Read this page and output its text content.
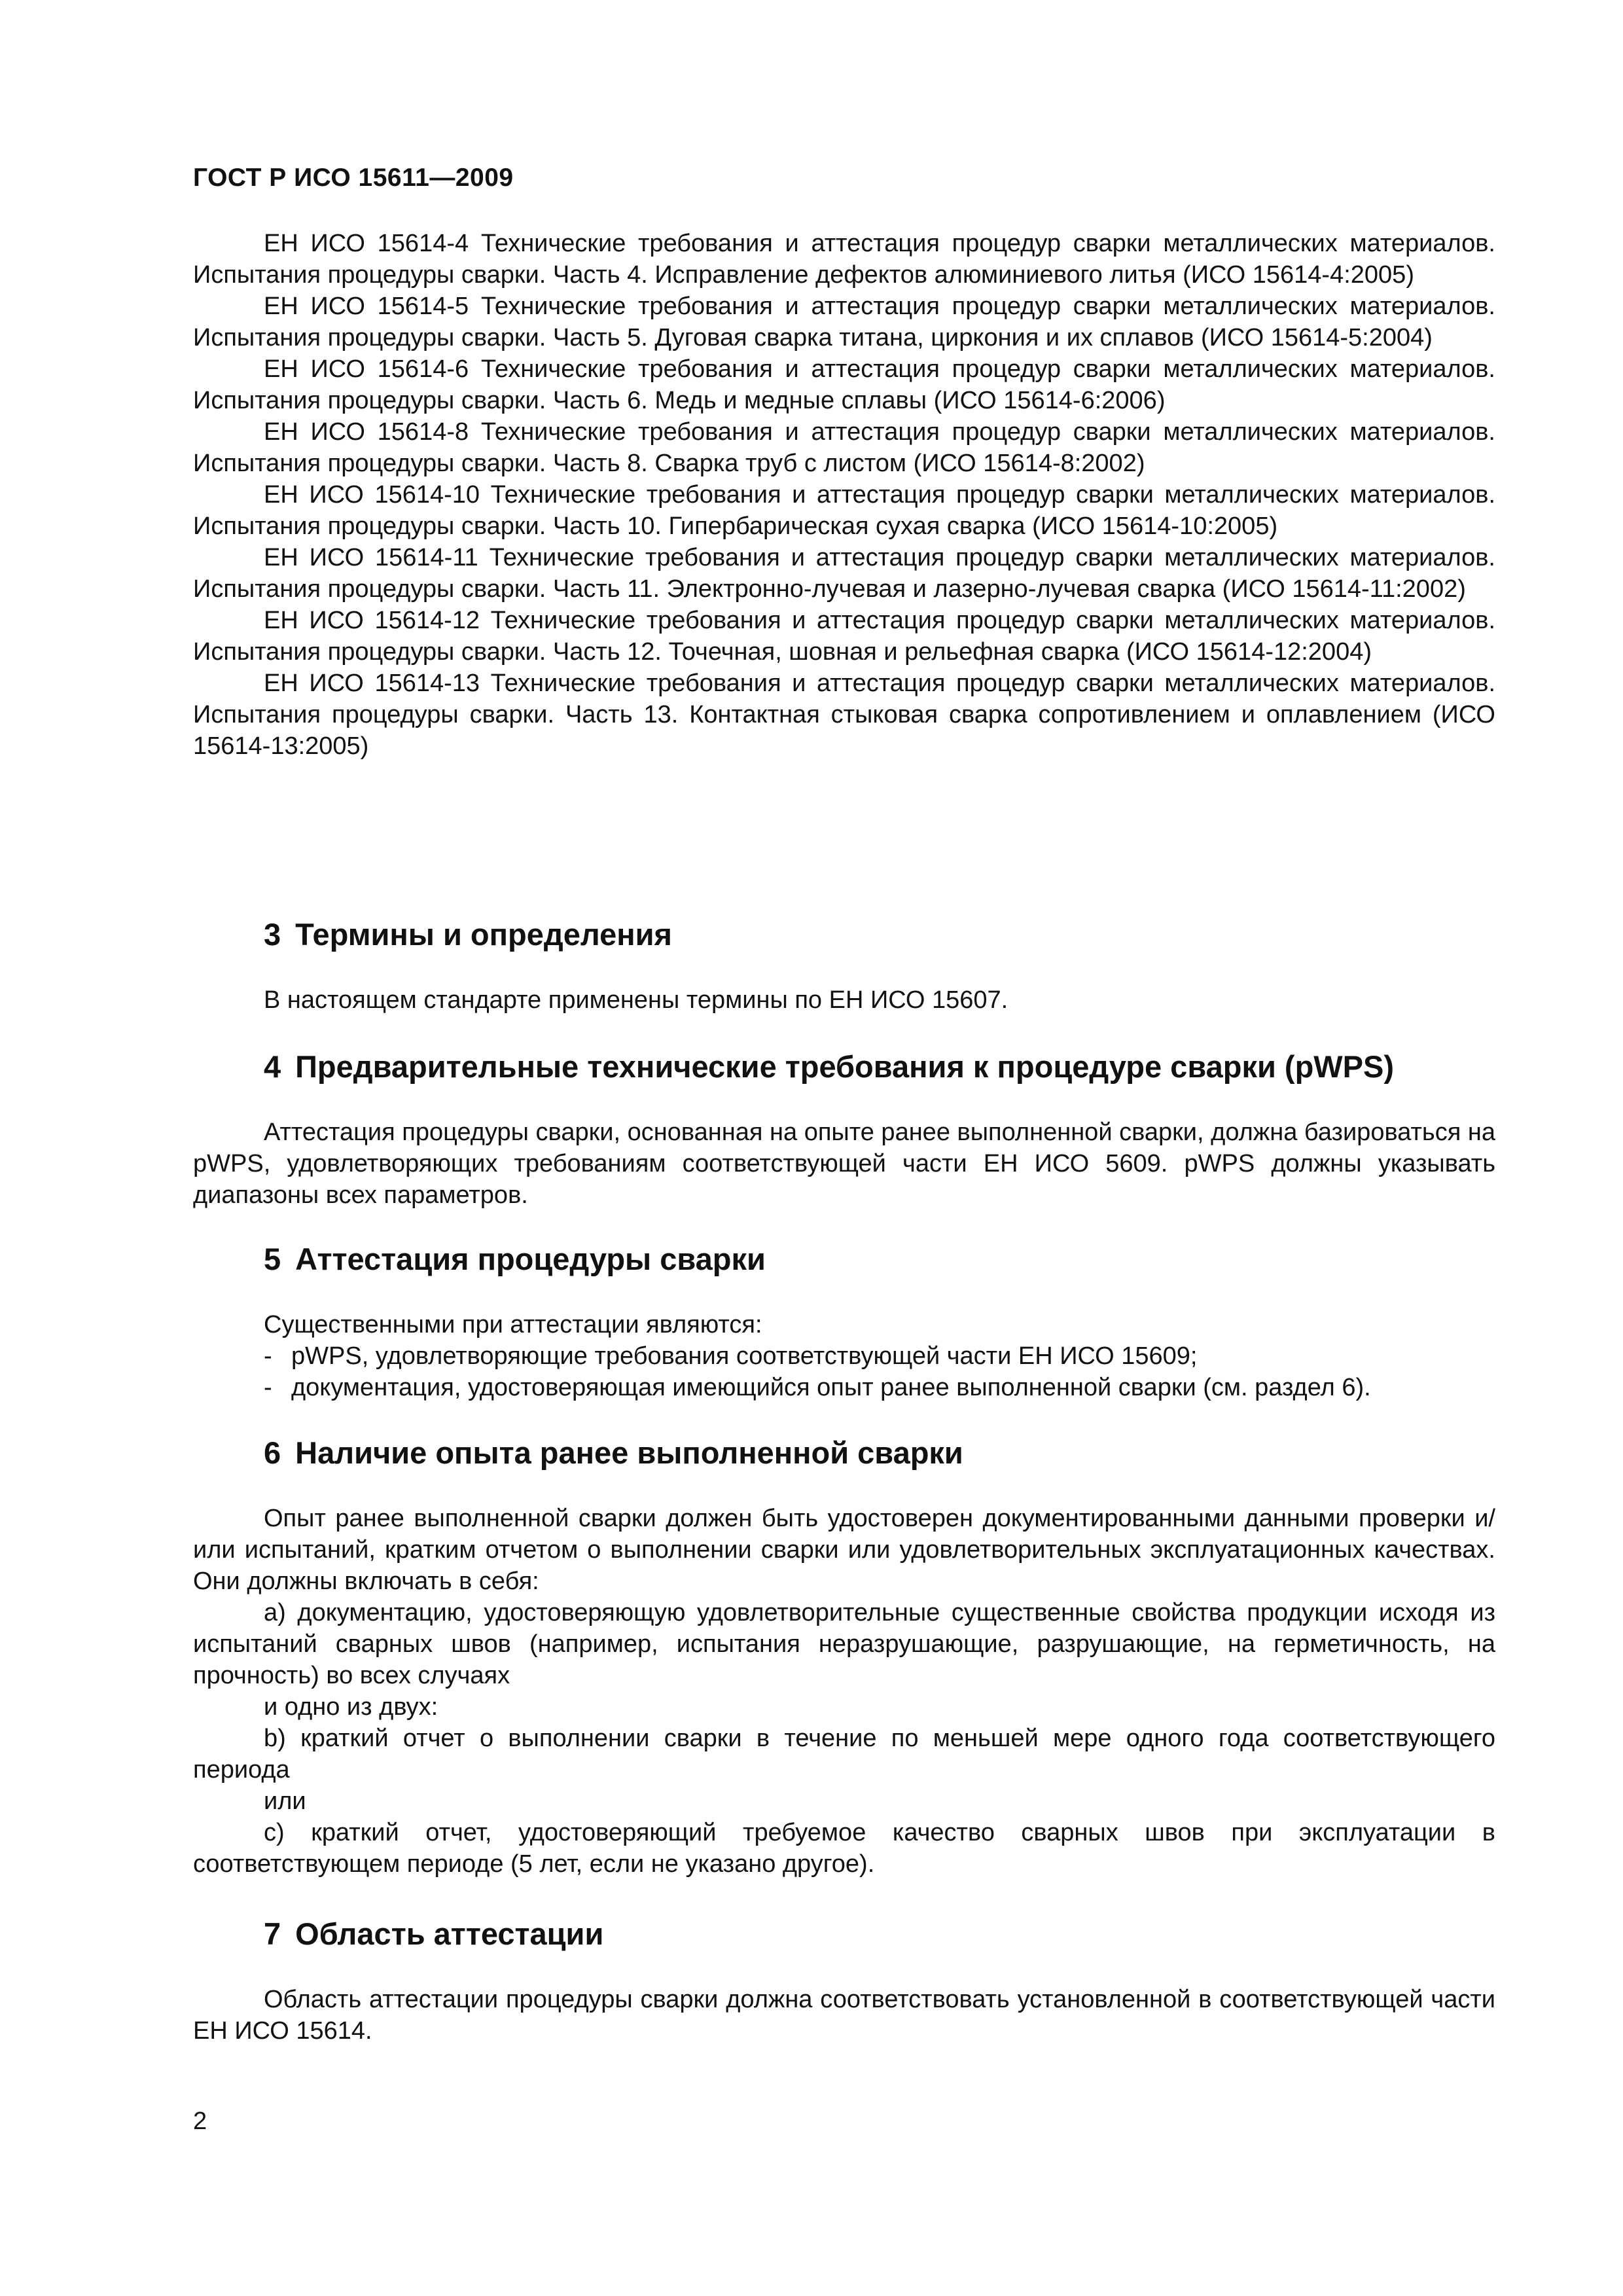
ГОСТ Р ИСО 15611—2009

ЕН ИСО 15614-4 Технические требования и аттестация процедур сварки металлических материалов. Испытания процедуры сварки. Часть 4. Исправление дефектов алюминиевого литья (ИСО 15614-4:2005)

ЕН ИСО 15614-5 Технические требования и аттестация процедур сварки металлических материалов. Испытания процедуры сварки. Часть 5. Дуговая сварка титана, циркония и их сплавов (ИСО 15614-5:2004)

ЕН ИСО 15614-6 Технические требования и аттестация процедур сварки металлических материалов. Испытания процедуры сварки. Часть 6. Медь и медные сплавы (ИСО 15614-6:2006)

ЕН ИСО 15614-8 Технические требования и аттестация процедур сварки металлических материалов. Испытания процедуры сварки. Часть 8. Сварка труб с листом (ИСО 15614-8:2002)

ЕН ИСО 15614-10 Технические требования и аттестация процедур сварки металлических материалов. Испытания процедуры сварки. Часть 10. Гипербарическая сухая сварка (ИСО 15614-10:2005)

ЕН ИСО 15614-11 Технические требования и аттестация процедур сварки металлических материалов. Испытания процедуры сварки. Часть 11. Электронно-лучевая и лазерно-лучевая сварка (ИСО 15614-11:2002)

ЕН ИСО 15614-12 Технические требования и аттестация процедур сварки металлических материалов. Испытания процедуры сварки. Часть 12. Точечная, шовная и рельефная сварка (ИСО 15614-12:2004)

ЕН ИСО 15614-13 Технические требования и аттестация процедур сварки металлических материалов. Испытания процедуры сварки. Часть 13. Контактная стыковая сварка сопротивлением и оплавлением (ИСО 15614-13:2005)

3 Термины и определения

В настоящем стандарте применены термины по ЕН ИСО 15607.

4 Предварительные технические требования к процедуре сварки (pWPS)

Аттестация процедуры сварки, основанная на опыте ранее выполненной сварки, должна базироваться на pWPS, удовлетворяющих требованиям соответствующей части ЕН ИСО 5609. pWPS должны указывать диапазоны всех параметров.

5 Аттестация процедуры сварки

Существенными при аттестации являются:

- pWPS, удовлетворяющие требования соответствующей части ЕН ИСО 15609;

- документация, удостоверяющая имеющийся опыт ранее выполненной сварки (см. раздел 6).

6 Наличие опыта ранее выполненной сварки

Опыт ранее выполненной сварки должен быть удостоверен документированными данными проверки и/или испытаний, кратким отчетом о выполнении сварки или удовлетворительных эксплуатационных качествах. Они должны включать в себя:

а) документацию, удостоверяющую удовлетворительные существенные свойства продукции исходя из испытаний сварных швов (например, испытания неразрушающие, разрушающие, на герметичность, на прочность) во всех случаях

и одно из двух:

b) краткий отчет о выполнении сварки в течение по меньшей мере одного года соответствующего периода

или

c) краткий отчет, удостоверяющий требуемое качество сварных швов при эксплуатации в соответствующем периоде (5 лет, если не указано другое).

7 Область аттестации

Область аттестации процедуры сварки должна соответствовать установленной в соответствующей части ЕН ИСО 15614.

2
